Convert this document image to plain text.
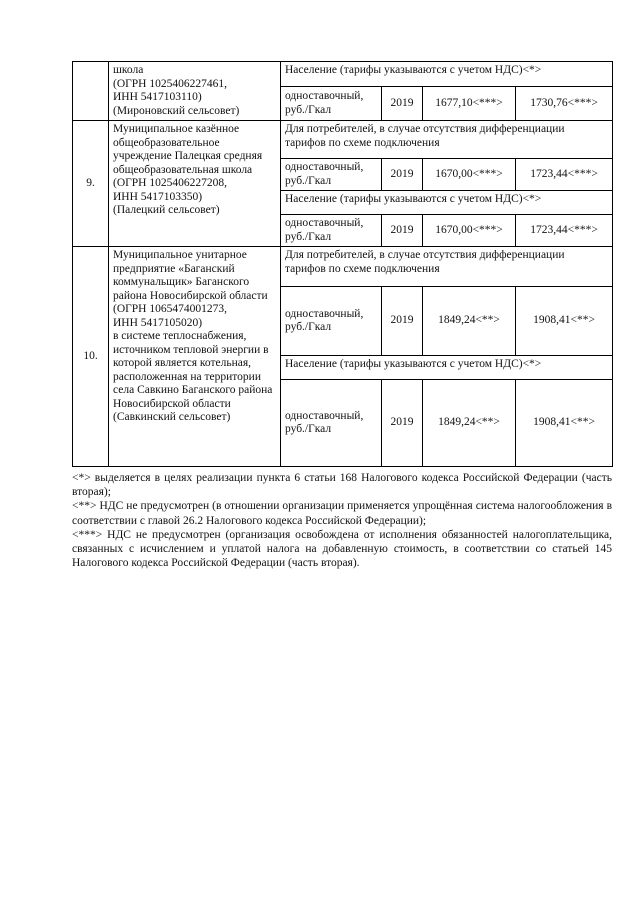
	школа
(ОГРН 1025406227461,
ИНН 5417103110)
(Мироновский сельсовет)	Население (тарифы указываются с учетом НДС)<*>			
		одноставочный, руб./Гкал	2019	1677,10<***>	1730,76<***>
9.	Муниципальное казённое общеобразовательное учреждение Палецкая средняя общеобразовательная школа
(ОГРН 1025406227208,
ИНН 5417103350)
(Палецкий сельсовет)	Для потребителей, в случае отсутствия дифференциации тарифов по схеме подключения			
		одноставочный, руб./Гкал	2019	1670,00<***>	1723,44<***>
		Население (тарифы указываются с учетом НДС)<*>			
		одноставочный, руб./Гкал	2019	1670,00<***>	1723,44<***>
10.	Муниципальное унитарное предприятие «Баганский коммунальщик» Баганского района Новосибирской области
(ОГРН 1065474001273,
ИНН 5417105020)
в системе теплоснабжения, источником тепловой энергии в которой является котельная, расположенная на территории села Савкино Баганского района Новосибирской области
(Савкинский сельсовет)	Для потребителей, в случае отсутствия дифференциации тарифов по схеме подключения			
		одноставочный, руб./Гкал	2019	1849,24<**>	1908,41<**>
		Население (тарифы указываются с учетом НДС)<*>			
		одноставочный, руб./Гкал	2019	1849,24<**>	1908,41<**>

<*> выделяется в целях реализации пункта 6 статьи 168 Налогового кодекса Российской Федерации (часть вторая);

<**> НДС не предусмотрен (в отношении организации применяется упрощённая система налогообложения в соответствии с главой 26.2 Налогового кодекса Российской Федерации);

<***> НДС не предусмотрен (организация освобождена от исполнения обязанностей налогоплательщика, связанных с исчислением и уплатой налога на добавленную стоимость, в соответствии со статьей 145 Налогового кодекса Российской Федерации (часть вторая).
